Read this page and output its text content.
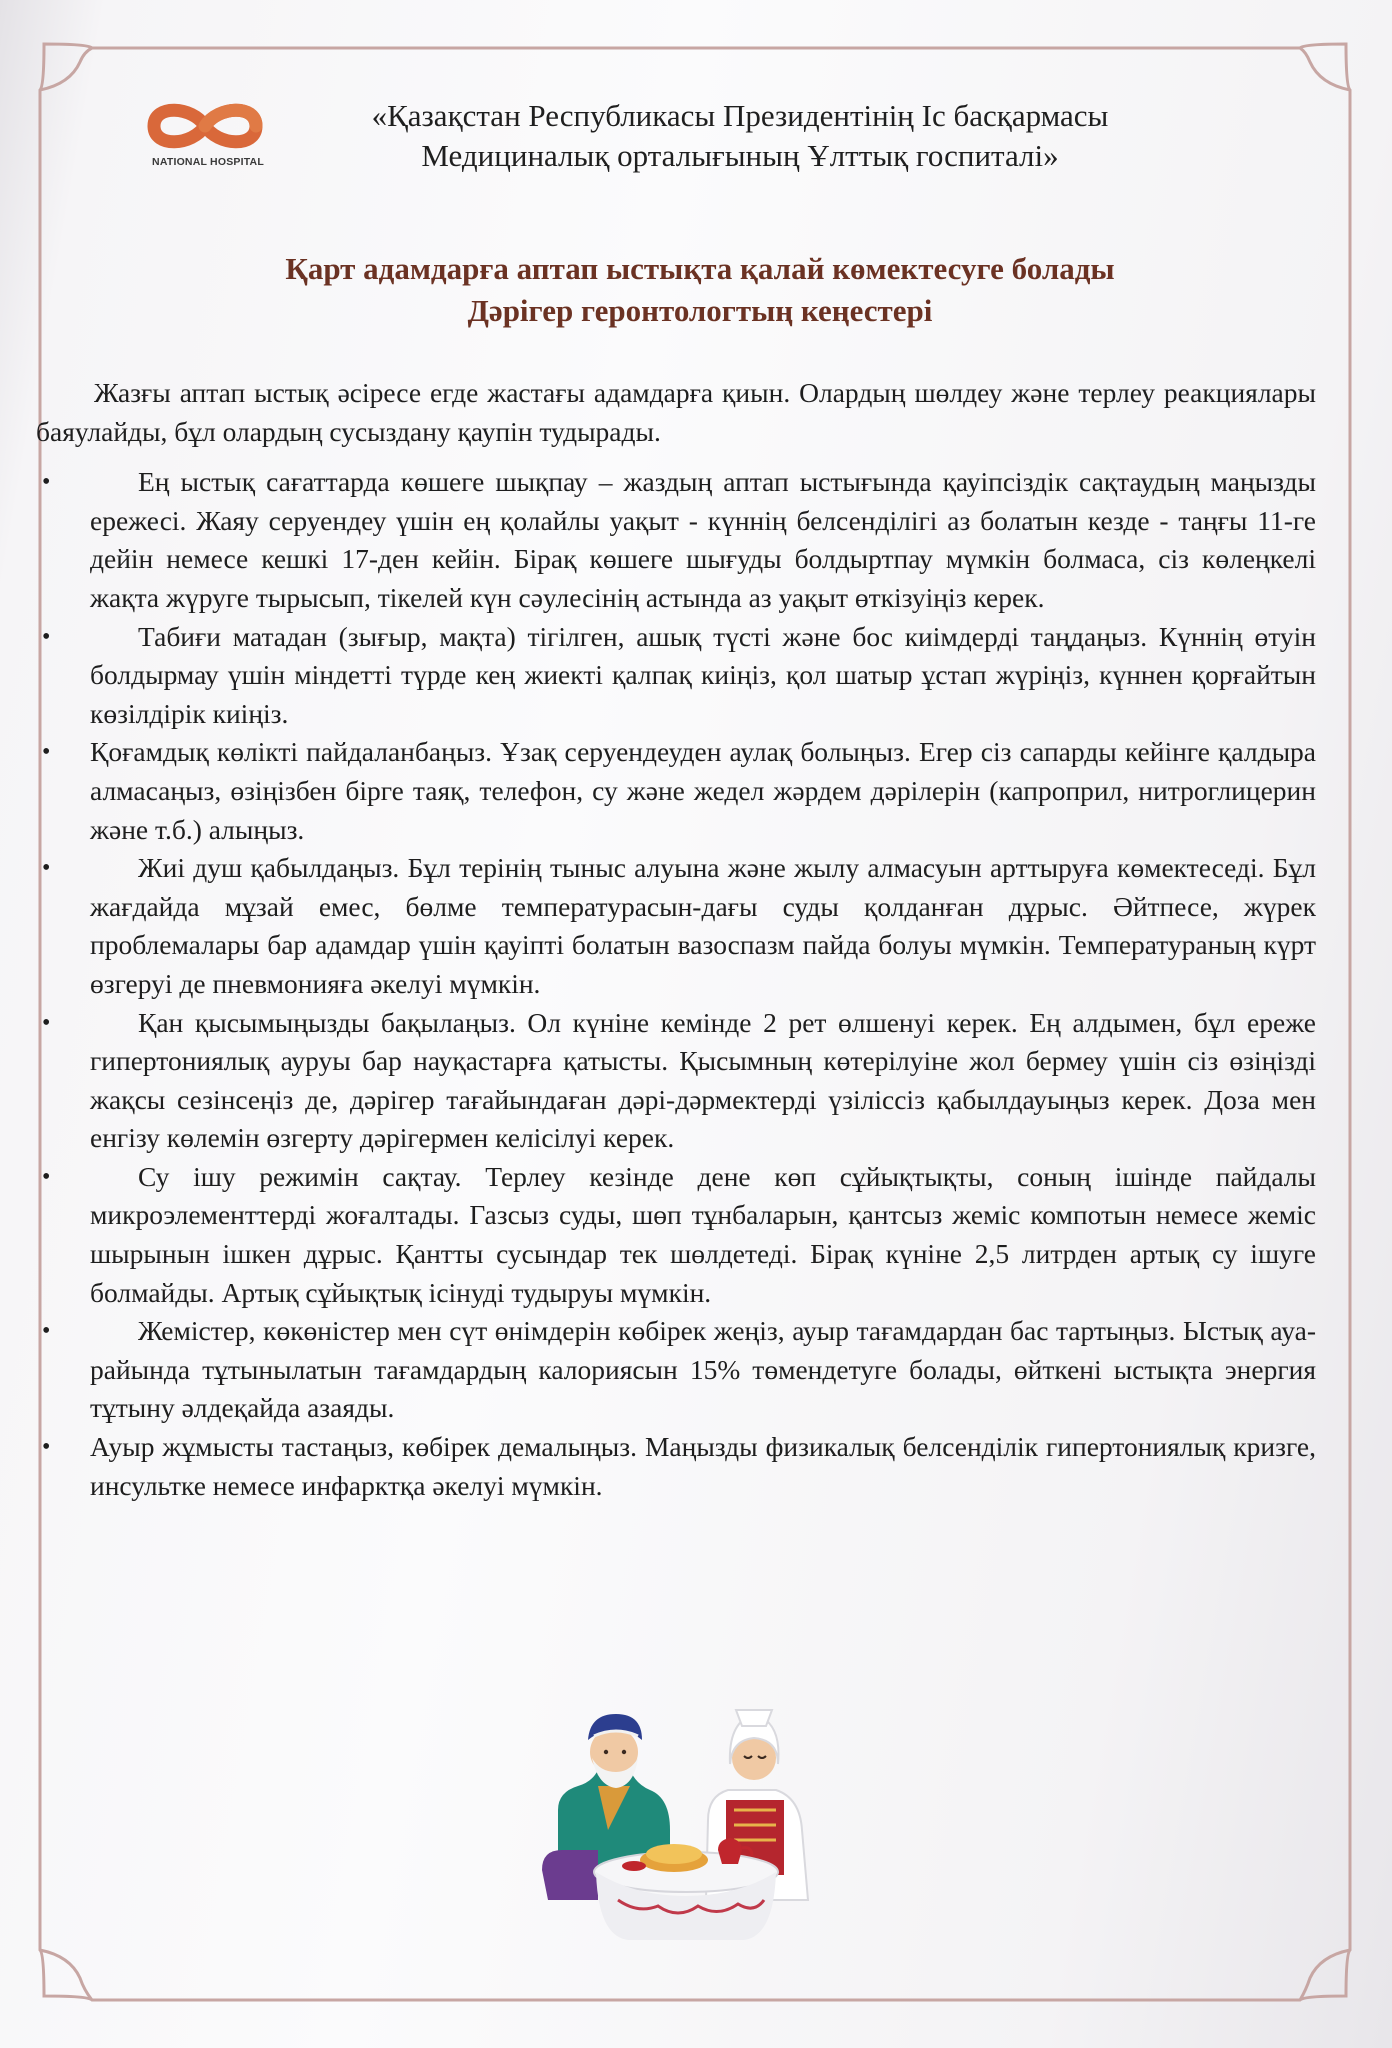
NATIONAL HOSPITAL
«Қазақстан Республикасы Президентінің Іс басқармасы
Медициналық орталығының Ұлттық госпиталі»
Қарт адамдарға аптап ыстықта қалай көмектесуге болады
Дәрігер геронтологтың кеңестері

Жазғы аптап ыстық әсіресе егде жастағы адамдарға қиын. Олардың шөлдеу және терлеу реакциялары баяулайды, бұл олардың сусыздану қаупін тудырады.

•	Ең ыстық сағаттарда көшеге шықпау – жаздың аптап ыстығында қауіпсіздік сақтаудың маңызды ережесі. Жаяу серуендеу үшін ең қолайлы уақыт - күннің белсенділігі аз болатын кезде - таңғы 11-ге дейін немесе кешкі 17-ден кейін. Бірақ көшеге шығуды болдыртпау мүмкін болмаса, сіз көлеңкелі жақта жүруге тырысып, тікелей күн сәулесінің астында аз уақыт өткізуіңіз керек.
•	Табиғи матадан (зығыр, мақта) тігілген, ашық түсті және бос киімдерді таңдаңыз. Күннің өтуін болдырмау үшін міндетті түрде кең жиекті қалпақ киіңіз, қол шатыр ұстап жүріңіз, күннен қорғайтын көзілдірік киіңіз.
• Қоғамдық көлікті пайдаланбаңыз. Ұзақ серуендеуден аулақ болыңыз. Егер сіз сапарды кейінге қалдыра алмасаңыз, өзіңізбен бірге таяқ, телефон, су және жедел жәрдем дәрілерін (капроприл, нитроглицерин және т.б.) алыңыз.
•	Жиі душ қабылдаңыз. Бұл терінің тыныс алуына және жылу алмасуын арттыруға көмектеседі. Бұл жағдайда мұзай емес, бөлме температурасын-дағы суды қолданған дұрыс. Әйтпесе, жүрек проблемалары бар адамдар үшін қауіпті болатын вазоспазм пайда болуы мүмкін. Температураның күрт өзгеруі де пневмонияға әкелуі мүмкін.
•	Қан қысымыңызды бақылаңыз. Ол күніне кемінде 2 рет өлшенуі керек. Ең алдымен, бұл ереже гипертониялық ауруы бар науқастарға қатысты. Қысымның көтерілуіне жол бермеу үшін сіз өзіңізді жақсы сезінсеңіз де, дәрігер тағайындаған дәрі-дәрмектерді үзіліссіз қабылдауыңыз керек. Доза мен енгізу көлемін өзгерту дәрігермен келісілуі керек.
•	Су ішу режимін сақтау. Терлеу кезінде дене көп сұйықтықты, соның ішінде пайдалы микроэлементтерді жоғалтады. Газсыз суды, шөп тұнбаларын, қантсыз жеміс компотын немесе жеміс шырынын ішкен дұрыс. Қантты сусындар тек шөлдетеді. Бірақ күніне 2,5 литрден артық су ішуге болмайды. Артық сұйықтық ісінуді тудыруы мүмкін.
•	Жемістер, көкөністер мен сүт өнімдерін көбірек жеңіз, ауыр тағамдардан бас тартыңыз. Ыстық ауа-райында тұтынылатын тағамдардың калориясын 15% төмендетуге болады, өйткені ыстықта энергия тұтыну әлдеқайда азаяды.
• Ауыр жұмысты тастаңыз, көбірек демалыңыз. Маңызды физикалық белсенділік гипертониялық кризге, инсультке немесе инфарктқа әкелуі мүмкін.
